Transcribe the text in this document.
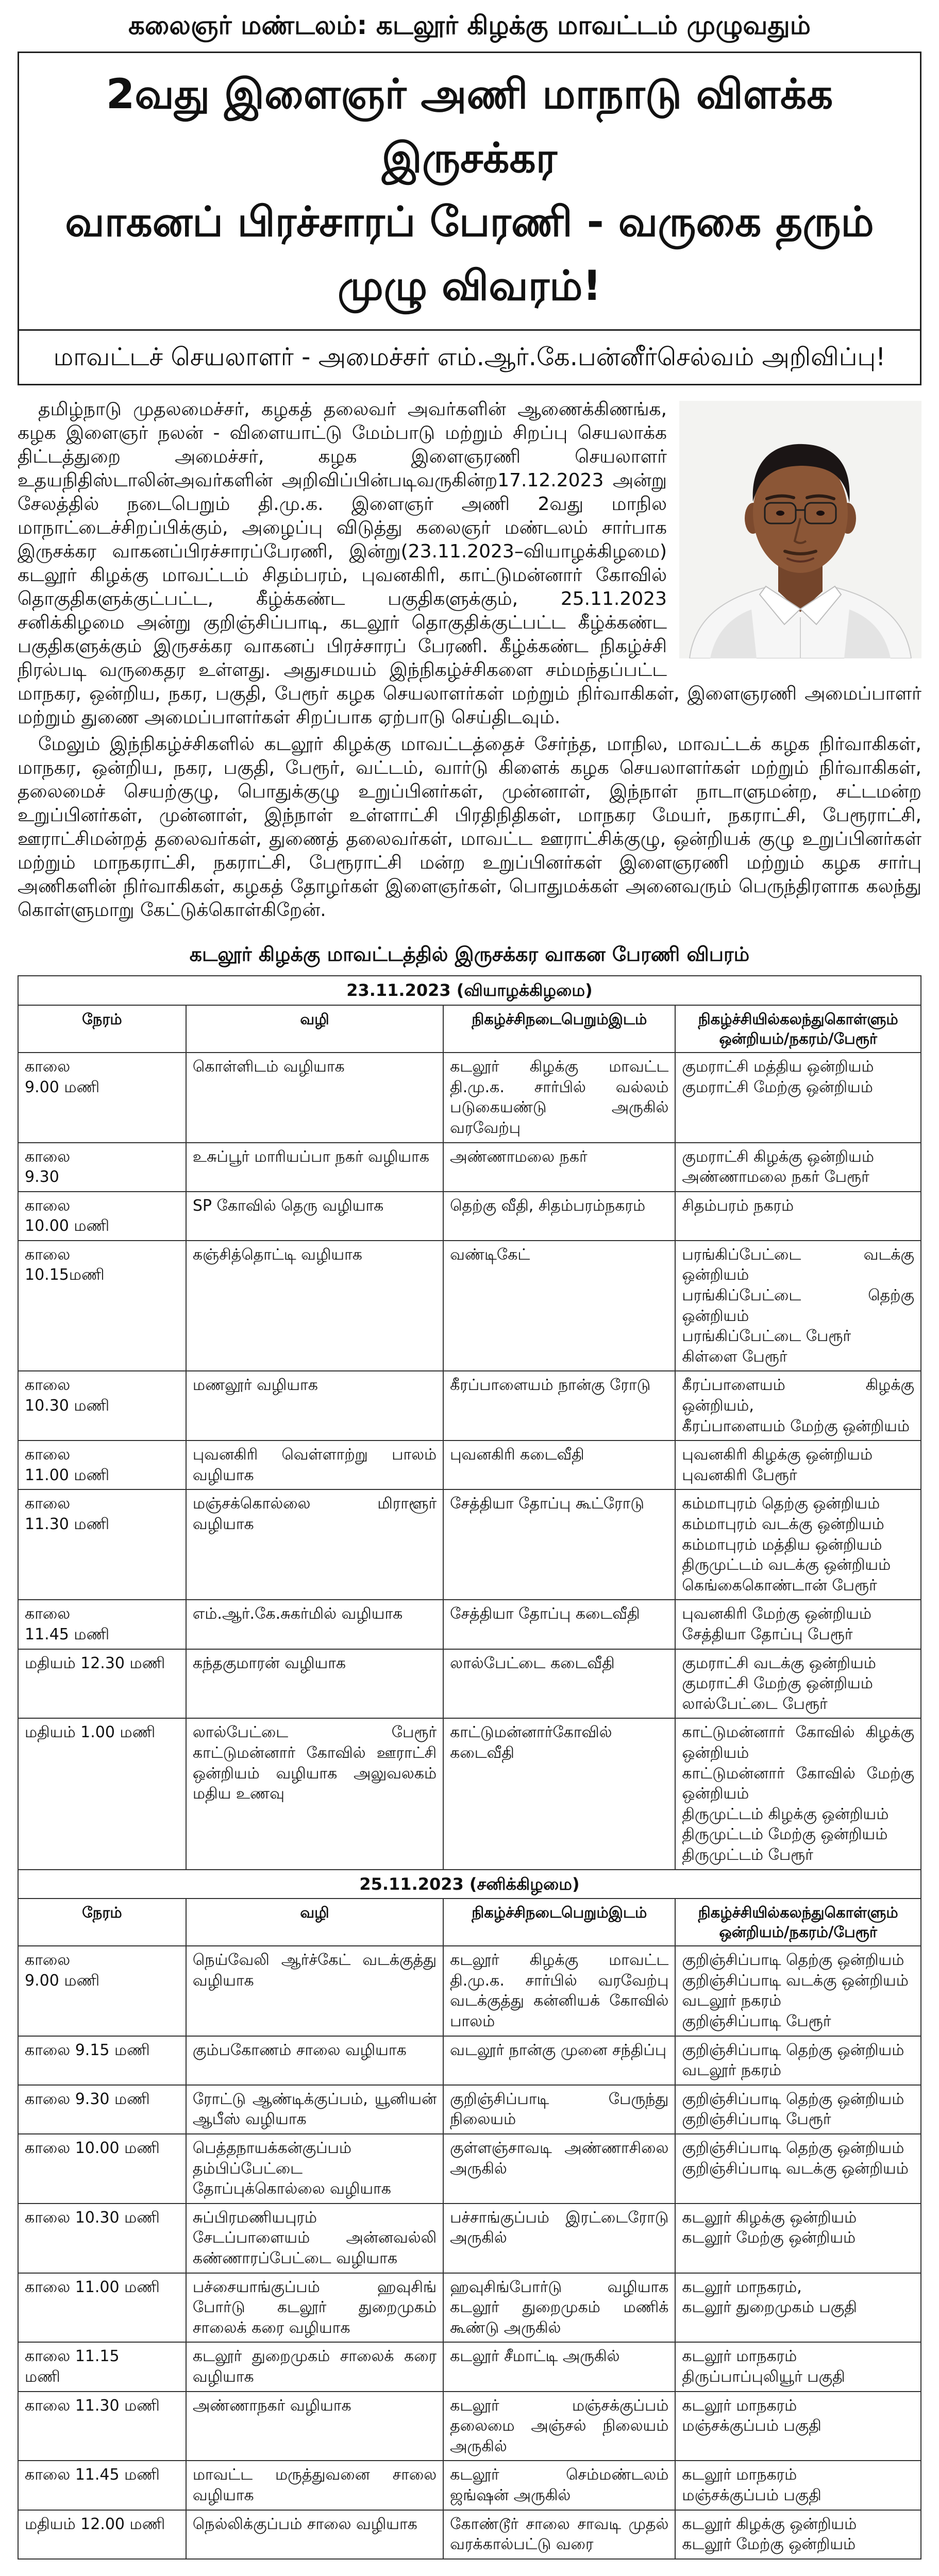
கலைஞர் மண்டலம்: கடலூர் கிழக்கு மாவட்டம் முழுவதும்
2வது இளைஞர் அணி மாநாடு விளக்க இருசக்கர
வாகனப் பிரச்சாரப் பேரணி - வருகை தரும் முழு விவரம்!
மாவட்டச் செயலாளர் - அமைச்சர் எம்.ஆர்.கே.பன்னீர்செல்வம் அறிவிப்பு!

தமிழ்நாடு முதலமைச்சர், கழகத் தலைவர் அவர்களின் ஆணைக்கிணங்க, கழக இளைஞர் நலன் - விளையாட்டு மேம்பாடு மற்றும் சிறப்பு செயலாக்க திட்டத்துறை அமைச்சர், கழக இளைஞரணி செயலாளர் உதயநிதிஸ்டாலின்அவர்களின் அறிவிப்பின்படிவருகின்ற17.12.2023 அன்று சேலத்தில் நடைபெறும் தி.மு.க. இளைஞர் அணி 2வது மாநில மாநாட்டைச்சிறப்பிக்கும், அழைப்பு விடுத்து கலைஞர் மண்டலம் சார்பாக இருசக்கர வாகனப்பிரச்சாரப்பேரணி, இன்று(23.11.2023–வியாழக்கிழமை) கடலூர் கிழக்கு மாவட்டம் சிதம்பரம், புவனகிரி, காட்டுமன்னார் கோவில் தொகுதிகளுக்குட்பட்ட, கீழ்க்கண்ட பகுதிகளுக்கும், 25.11.2023 சனிக்கிழமை அன்று குறிஞ்சிப்பாடி, கடலூர் தொகுதிக்குட்பட்ட கீழ்க்கண்ட பகுதிகளுக்கும் இருசக்கர வாகனப் பிரச்சாரப் பேரணி. கீழ்க்கண்ட நிகழ்ச்சி நிரல்படி வருகைதர உள்ளது. அதுசமயம் இந்நிகழ்ச்சிகளை சம்மந்தப்பட்ட மாநகர, ஒன்றிய, நகர, பகுதி, பேரூர் கழக செயலாளர்கள் மற்றும் நிர்வாகிகள், இளைஞரணி அமைப்பாளர் மற்றும் துணை அமைப்பாளர்கள் சிறப்பாக ஏற்பாடு செய்திடவும்.

மேலும் இந்நிகழ்ச்சிகளில் கடலூர் கிழக்கு மாவட்டத்தைச் சேர்ந்த, மாநில, மாவட்டக் கழக நிர்வாகிகள், மாநகர, ஒன்றிய, நகர, பகுதி, பேரூர், வட்டம், வார்டு கிளைக் கழக செயலாளர்கள் மற்றும் நிர்வாகிகள், தலைமைச் செயற்குழு, பொதுக்குழு உறுப்பினர்கள், முன்னாள், இந்நாள் நாடாளுமன்ற, சட்டமன்ற உறுப்பினர்கள், முன்னாள், இந்நாள் உள்ளாட்சி பிரதிநிதிகள், மாநகர மேயர், நகராட்சி, பேரூராட்சி, ஊராட்சிமன்றத் தலைவர்கள், துணைத் தலைவர்கள், மாவட்ட ஊராட்சிக்குழு, ஒன்றியக் குழு உறுப்பினர்கள் மற்றும் மாநகராட்சி, நகராட்சி, பேரூராட்சி மன்ற உறுப்பினர்கள் இளைஞரணி மற்றும் கழக சார்பு அணிகளின் நிர்வாகிகள், கழகத் தோழர்கள் இளைஞர்கள், பொதுமக்கள் அனைவரும் பெருந்திரளாக கலந்து கொள்ளுமாறு கேட்டுக்கொள்கிறேன்.

கடலூர் கிழக்கு மாவட்டத்தில் இருசக்கர வாகன பேரணி விபரம்
23.11.2023 (வியாழக்கிழமை)			
நேரம்	வழி	நிகழ்ச்சிநடைபெறும்இடம்	நிகழ்ச்சியில்கலந்துகொள்ளும் ஒன்றியம்/நகரம்/பேரூர்
காலை
9.00 மணி	கொள்ளிடம் வழியாக	கடலூர் கிழக்கு மாவட்ட தி.மு.க. சார்பில் வல்லம் படுகையண்டு அருகில் வரவேற்பு	குமராட்சி மத்திய ஒன்றியம்
குமராட்சி மேற்கு ஒன்றியம்

காலை
9.30	உசுப்பூர் மாரியப்பா நகர் வழியாக	அண்ணாமலை நகர்	குமராட்சி கிழக்கு ஒன்றியம்
அண்ணாமலை நகர் பேரூர்

காலை
10.00 மணி	SP கோவில் தெரு வழியாக	தெற்கு வீதி, சிதம்பரம்நகரம்	சிதம்பரம் நகரம்

காலை
10.15மணி	கஞ்சித்தொட்டி வழியாக	வண்டிகேட்	பரங்கிப்பேட்டை வடக்கு ஒன்றியம்
பரங்கிப்பேட்டை தெற்கு ஒன்றியம்
பரங்கிப்பேட்டை பேரூர்
கிள்ளை பேரூர்

காலை
10.30 மணி	மணலூர் வழியாக	கீரப்பாளையம் நான்கு ரோடு	கீரப்பாளையம் கிழக்கு ஒன்றியம்,
கீரப்பாளையம் மேற்கு ஒன்றியம்

காலை
11.00 மணி	புவனகிரி வெள்ளாற்று பாலம் வழியாக	புவனகிரி கடைவீதி	புவனகிரி கிழக்கு ஒன்றியம்
புவனகிரி பேரூர்

காலை
11.30 மணி	மஞ்சக்கொல்லை மிராளூர் வழியாக	சேத்தியா தோப்பு கூட்ரோடு	கம்மாபுரம் தெற்கு ஒன்றியம்
கம்மாபுரம் வடக்கு ஒன்றியம்
கம்மாபுரம் மத்திய ஒன்றியம்
திருமுட்டம் வடக்கு ஒன்றியம்
கெங்கைகொண்டான் பேரூர்

காலை
11.45 மணி	எம்.ஆர்.கே.சுகர்மில் வழியாக	சேத்தியா தோப்பு கடைவீதி	புவனகிரி மேற்கு ஒன்றியம்
சேத்தியா தோப்பு பேரூர்

மதியம் 12.30 மணி	கந்தகுமாரன் வழியாக	லால்பேட்டை கடைவீதி	குமராட்சி வடக்கு ஒன்றியம்
குமராட்சி மேற்கு ஒன்றியம்
லால்பேட்டை பேரூர்

மதியம் 1.00 மணி	லால்பேட்டை பேரூர் காட்டுமன்னார் கோவில் ஊராட்சி ஒன்றியம் வழியாக அலுவலகம் மதிய உணவு	காட்டுமன்னார்கோவில் கடைவீதி	காட்டுமன்னார் கோவில் கிழக்கு ஒன்றியம்
காட்டுமன்னார் கோவில் மேற்கு ஒன்றியம்
திருமுட்டம் கிழக்கு ஒன்றியம்
திருமுட்டம் மேற்கு ஒன்றியம்
திருமுட்டம் பேரூர்

25.11.2023 (சனிக்கிழமை)			
நேரம்	வழி	நிகழ்ச்சிநடைபெறும்இடம்	நிகழ்ச்சியில்கலந்துகொள்ளும் ஒன்றியம்/நகரம்/பேரூர்
காலை
9.00 மணி	நெய்வேலி ஆர்ச்கேட் வடக்குத்து வழியாக	கடலூர் கிழக்கு மாவட்ட தி.மு.க. சார்பில் வரவேற்பு வடக்குத்து கன்னியக் கோவில் பாலம்	குறிஞ்சிப்பாடி தெற்கு ஒன்றியம்
குறிஞ்சிப்பாடி வடக்கு ஒன்றியம்
வடலூர் நகரம்
குறிஞ்சிப்பாடி பேரூர்

காலை 9.15 மணி	கும்பகோணம் சாலை வழியாக	வடலூர் நான்கு முனை சந்திப்பு	குறிஞ்சிப்பாடி தெற்கு ஒன்றியம்
வடலூர் நகரம்

காலை 9.30 மணி	ரோட்டு ஆண்டிக்குப்பம், யூனியன் ஆபீஸ் வழியாக	குறிஞ்சிப்பாடி பேருந்து நிலையம்	குறிஞ்சிப்பாடி தெற்கு ஒன்றியம்
குறிஞ்சிப்பாடி பேரூர்

காலை 10.00 மணி	பெத்தநாயக்கன்குப்பம் தம்பிப்பேட்டை தோப்புக்கொல்லை வழியாக	குள்ளஞ்சாவடி அண்ணாசிலை அருகில்	குறிஞ்சிப்பாடி தெற்கு ஒன்றியம்
குறிஞ்சிப்பாடி வடக்கு ஒன்றியம்

காலை 10.30 மணி	சுப்பிரமணியபுரம் சேடப்பாளையம் அன்னவல்லி கண்ணாரப்பேட்டை வழியாக	பச்சாங்குப்பம் இரட்டைரோடு அருகில்	கடலூர் கிழக்கு ஒன்றியம்
கடலூர் மேற்கு ஒன்றியம்

காலை 11.00 மணி	பச்சையாங்குப்பம் ஹவுசிங் போர்டு கடலூர் துறைமுகம் சாலைக் கரை வழியாக	ஹவுசிங்போர்டு வழியாக கடலூர் துறைமுகம் மணிக் கூண்டு அருகில்	கடலூர் மாநகரம்,
கடலூர் துறைமுகம் பகுதி

காலை 11.15
மணி	கடலூர் துறைமுகம் சாலைக் கரை வழியாக	கடலூர் சீமாட்டி அருகில்	கடலூர் மாநகரம்
திருப்பாப்புலியூர் பகுதி

காலை 11.30 மணி	அண்ணாநகர் வழியாக	கடலூர் மஞ்சக்குப்பம் தலைமை அஞ்சல் நிலையம் அருகில்	கடலூர் மாநகரம்
மஞ்சக்குப்பம் பகுதி

காலை 11.45 மணி	மாவட்ட மருத்துவனை சாலை வழியாக	கடலூர் செம்மண்டலம் ஜங்ஷன் அருகில்	கடலூர் மாநகரம்
மஞ்சக்குப்பம் பகுதி

மதியம் 12.00 மணி	நெல்லிக்குப்பம் சாலை வழியாக	கோண்டூர் சாலை சாவடி முதல் வரக்கால்பட்டு வரை	கடலூர் கிழக்கு ஒன்றியம்
கடலூர் மேற்கு ஒன்றியம்
